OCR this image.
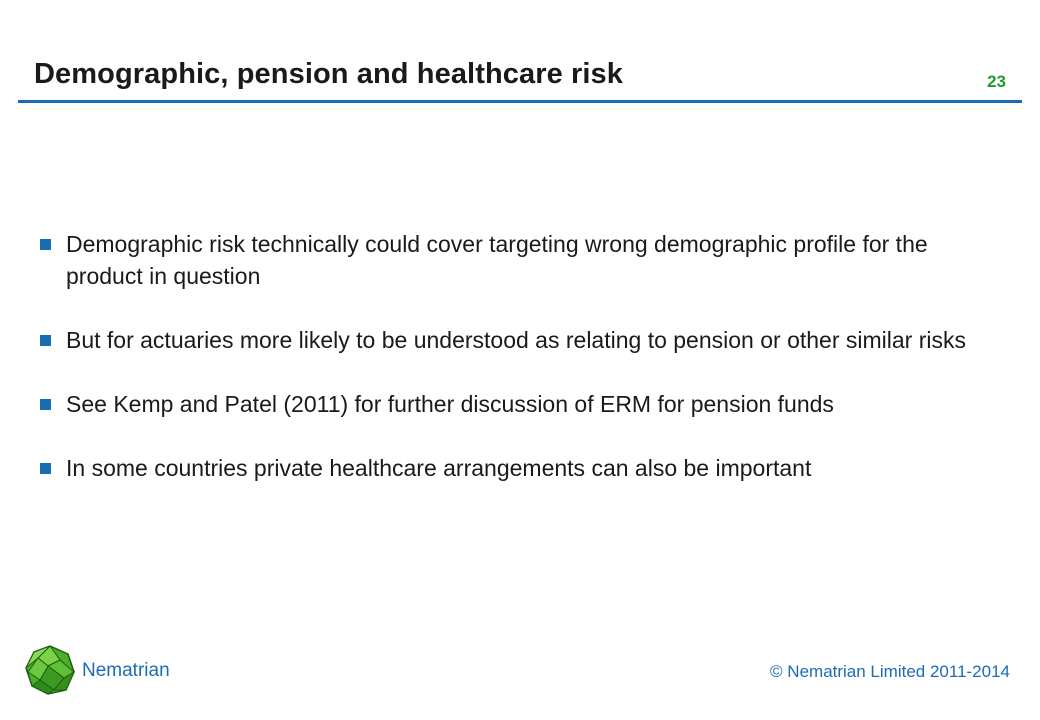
Demographic, pension and healthcare risk	23
Demographic risk technically could cover targeting wrong demographic profile for the product in question
But for actuaries more likely to be understood as relating to pension or other similar risks
See Kemp and Patel (2011) for further discussion of ERM for pension funds
In some countries private healthcare arrangements can also be important
Nematrian	© Nematrian Limited 2011-2014
